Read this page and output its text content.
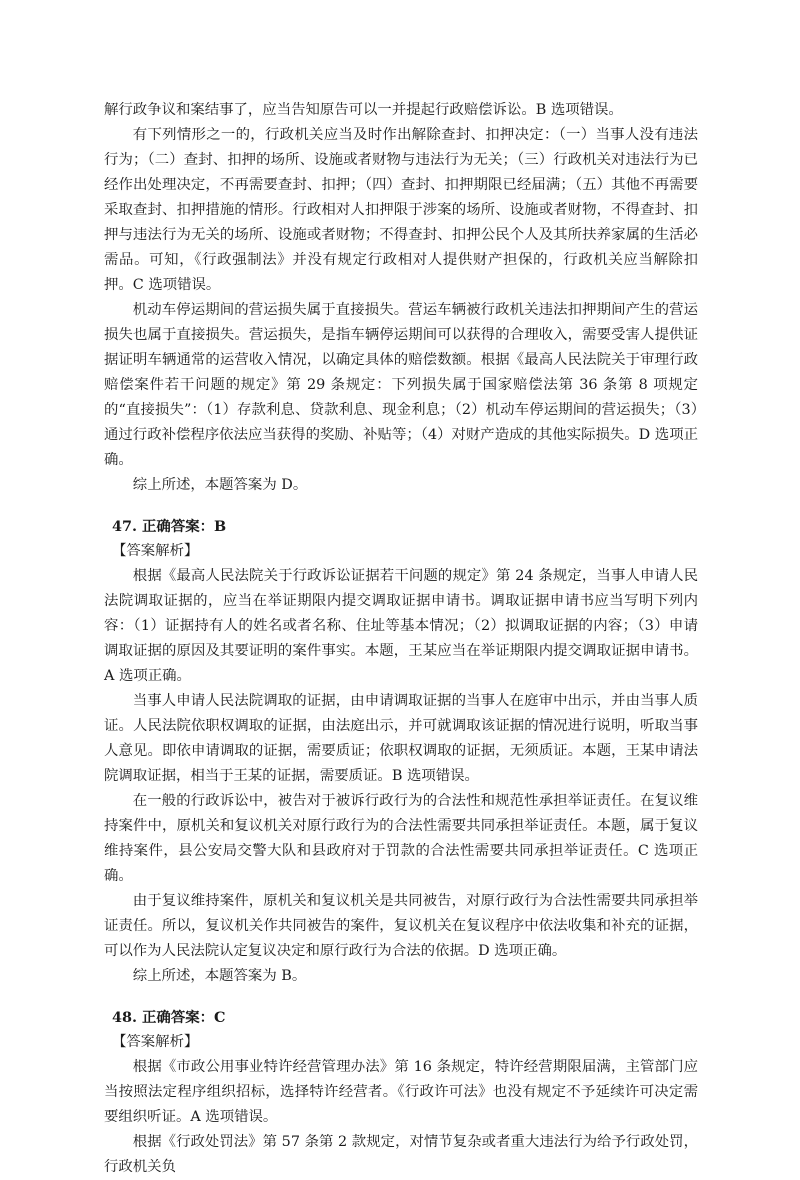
解行政争议和案结事了，应当告知原告可以一并提起行政赔偿诉讼。B 选项错误。

有下列情形之一的，行政机关应当及时作出解除查封、扣押决定：（一）当事人没有违法行为；（二）查封、扣押的场所、设施或者财物与违法行为无关；（三）行政机关对违法行为已经作出处理决定，不再需要查封、扣押；（四）查封、扣押期限已经届满；（五）其他不再需要采取查封、扣押措施的情形。行政相对人扣押限于涉案的场所、设施或者财物，不得查封、扣押与违法行为无关的场所、设施或者财物；不得查封、扣押公民个人及其所扶养家属的生活必需品。可知，《行政强制法》并没有规定行政相对人提供财产担保的，行政机关应当解除扣押。C 选项错误。

机动车停运期间的营运损失属于直接损失。营运车辆被行政机关违法扣押期间产生的营运损失也属于直接损失。营运损失，是指车辆停运期间可以获得的合理收入，需要受害人提供证据证明车辆通常的运营收入情况，以确定具体的赔偿数额。根据《最高人民法院关于审理行政赔偿案件若干问题的规定》第 29 条规定：下列损失属于国家赔偿法第 36 条第 8 项规定的“直接损失”：（1）存款利息、贷款利息、现金利息；（2）机动车停运期间的营运损失；（3）通过行政补偿程序依法应当获得的奖励、补贴等；（4）对财产造成的其他实际损失。D 选项正确。

综上所述，本题答案为 D。

47. 正确答案：B

【答案解析】

根据《最高人民法院关于行政诉讼证据若干问题的规定》第 24 条规定，当事人申请人民法院调取证据的，应当在举证期限内提交调取证据申请书。调取证据申请书应当写明下列内容：（1）证据持有人的姓名或者名称、住址等基本情况；（2）拟调取证据的内容；（3）申请调取证据的原因及其要证明的案件事实。本题，王某应当在举证期限内提交调取证据申请书。A 选项正确。

当事人申请人民法院调取的证据，由申请调取证据的当事人在庭审中出示，并由当事人质证。人民法院依职权调取的证据，由法庭出示，并可就调取该证据的情况进行说明，听取当事人意见。即依申请调取的证据，需要质证；依职权调取的证据，无须质证。本题，王某申请法院调取证据，相当于王某的证据，需要质证。B 选项错误。

在一般的行政诉讼中，被告对于被诉行政行为的合法性和规范性承担举证责任。在复议维持案件中，原机关和复议机关对原行政行为的合法性需要共同承担举证责任。本题，属于复议维持案件，县公安局交警大队和县政府对于罚款的合法性需要共同承担举证责任。C 选项正确。

由于复议维持案件，原机关和复议机关是共同被告，对原行政行为合法性需要共同承担举证责任。所以，复议机关作共同被告的案件，复议机关在复议程序中依法收集和补充的证据，可以作为人民法院认定复议决定和原行政行为合法的依据。D 选项正确。

综上所述，本题答案为 B。

48. 正确答案：C

【答案解析】

根据《市政公用事业特许经营管理办法》第 16 条规定，特许经营期限届满，主管部门应当按照法定程序组织招标，选择特许经营者。《行政许可法》也没有规定不予延续许可决定需要组织听证。A 选项错误。

根据《行政处罚法》第 57 条第 2 款规定，对情节复杂或者重大违法行为给予行政处罚，行政机关负
